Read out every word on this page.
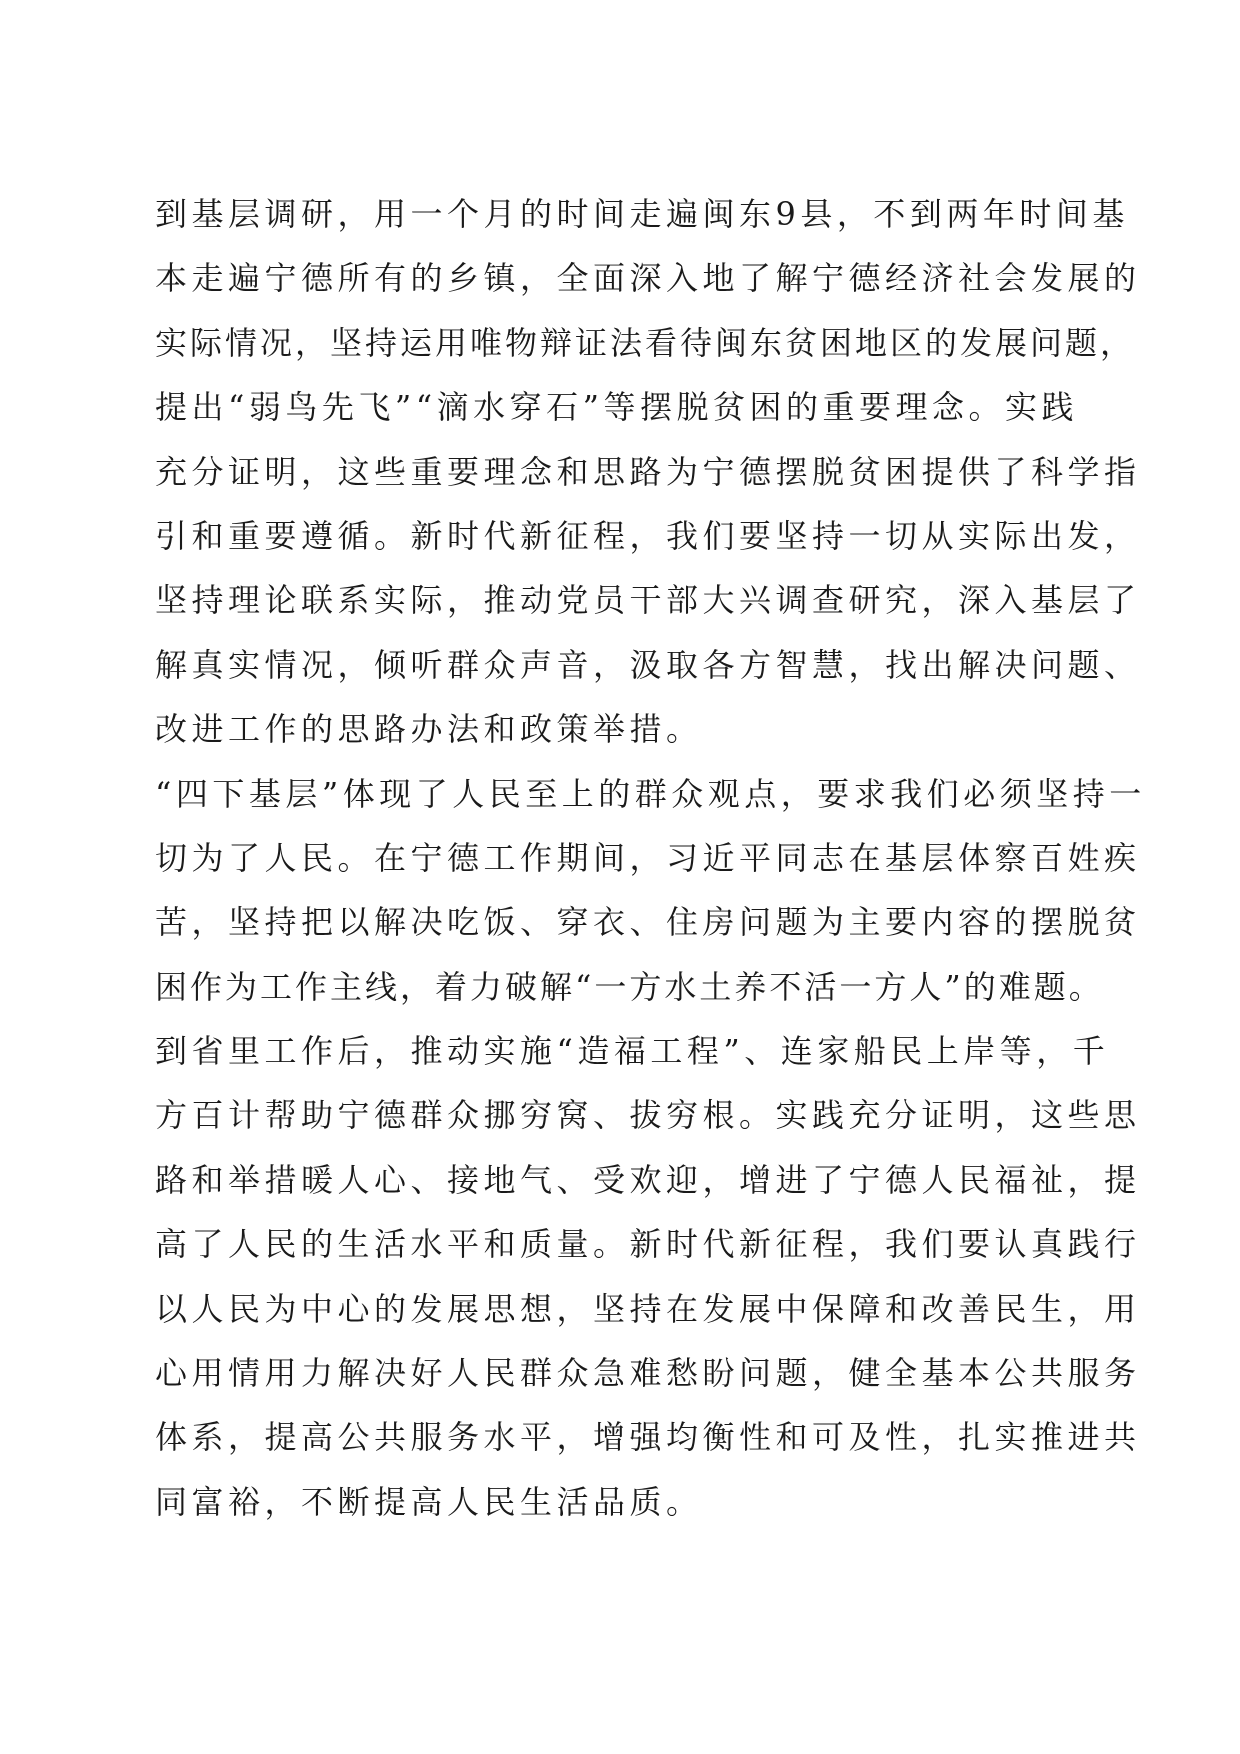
到基层调研，用一个月的时间走遍闽东9县，不到两年时间基
本走遍宁德所有的乡镇，全面深入地了解宁德经济社会发展的
实际情况，坚持运用唯物辩证法看待闽东贫困地区的发展问题，
提出“弱鸟先飞”“滴水穿石”等摆脱贫困的重要理念。实践
充分证明，这些重要理念和思路为宁德摆脱贫困提供了科学指
引和重要遵循。新时代新征程，我们要坚持一切从实际出发，
坚持理论联系实际，推动党员干部大兴调查研究，深入基层了
解真实情况，倾听群众声音，汲取各方智慧，找出解决问题、
改进工作的思路办法和政策举措。
“四下基层”体现了人民至上的群众观点，要求我们必须坚持一
切为了人民。在宁德工作期间，习近平同志在基层体察百姓疾
苦，坚持把以解决吃饭、穿衣、住房问题为主要内容的摆脱贫
困作为工作主线，着力破解“一方水土养不活一方人”的难题。
到省里工作后，推动实施“造福工程”、连家船民上岸等，千
方百计帮助宁德群众挪穷窝、拔穷根。实践充分证明，这些思
路和举措暖人心、接地气、受欢迎，增进了宁德人民福祉，提
高了人民的生活水平和质量。新时代新征程，我们要认真践行
以人民为中心的发展思想，坚持在发展中保障和改善民生，用
心用情用力解决好人民群众急难愁盼问题，健全基本公共服务
体系，提高公共服务水平，增强均衡性和可及性，扎实推进共
同富裕，不断提高人民生活品质。
